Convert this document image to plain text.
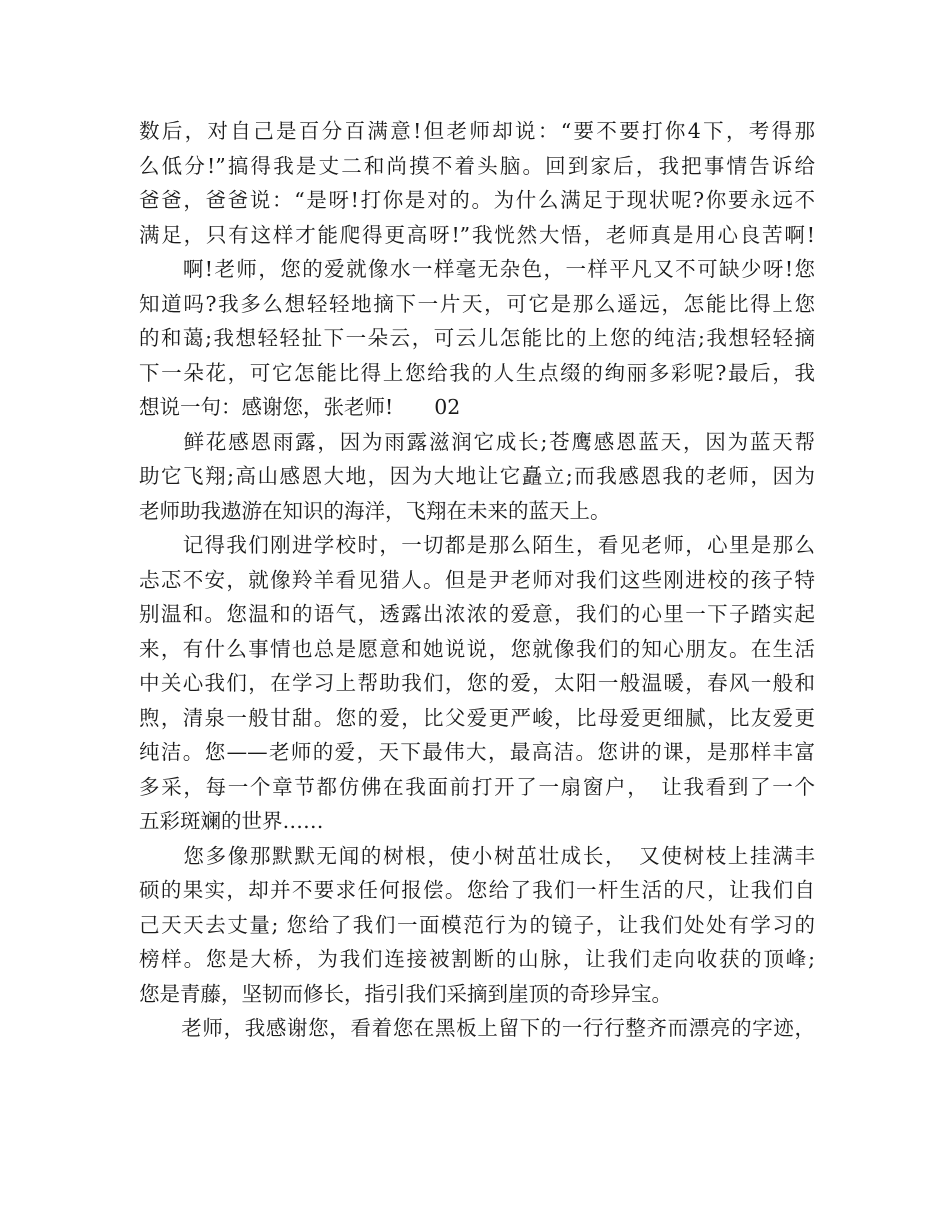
数后，对自己是百分百满意!但老师却说：“要不要打你4下，考得那
么低分!”搞得我是丈二和尚摸不着头脑。回到家后，我把事情告诉给
爸爸，爸爸说：“是呀!打你是对的。为什么满足于现状呢?你要永远不
满足，只有这样才能爬得更高呀!”我恍然大悟，老师真是用心良苦啊!
　　啊!老师，您的爱就像水一样毫无杂色，一样平凡又不可缺少呀!您
知道吗?我多么想轻轻地摘下一片天，可它是那么遥远，怎能比得上您
的和蔼;我想轻轻扯下一朵云，可云儿怎能比的上您的纯洁;我想轻轻摘
下一朵花，可它怎能比得上您给我的人生点缀的绚丽多彩呢?最后，我
想说一句：感谢您，张老师!　　02
　　鲜花感恩雨露，因为雨露滋润它成长;苍鹰感恩蓝天，因为蓝天帮
助它飞翔;高山感恩大地，因为大地让它矗立;而我感恩我的老师，因为
老师助我遨游在知识的海洋，飞翔在未来的蓝天上。
　　记得我们刚进学校时，一切都是那么陌生，看见老师，心里是那么
忐忑不安，就像羚羊看见猎人。但是尹老师对我们这些刚进校的孩子特
别温和。您温和的语气，透露出浓浓的爱意，我们的心里一下子踏实起
来，有什么事情也总是愿意和她说说，您就像我们的知心朋友。在生活
中关心我们，在学习上帮助我们，您的爱，太阳一般温暖，春风一般和
煦，清泉一般甘甜。您的爱，比父爱更严峻，比母爱更细腻，比友爱更
纯洁。您——老师的爱，天下最伟大，最高洁。您讲的课，是那样丰富
多采，每一个章节都仿佛在我面前打开了一扇窗户，　让我看到了一个
五彩斑斓的世界……
　　您多像那默默无闻的树根，使小树茁壮成长，　又使树枝上挂满丰
硕的果实，却并不要求任何报偿。您给了我们一杆生活的尺，让我们自
己天天去丈量; 您给了我们一面模范行为的镜子，让我们处处有学习的
榜样。您是大桥，为我们连接被割断的山脉，让我们走向收获的顶峰;
您是青藤，坚韧而修长，指引我们采摘到崖顶的奇珍异宝。
　　老师，我感谢您，看着您在黑板上留下的一行行整齐而漂亮的字迹，
